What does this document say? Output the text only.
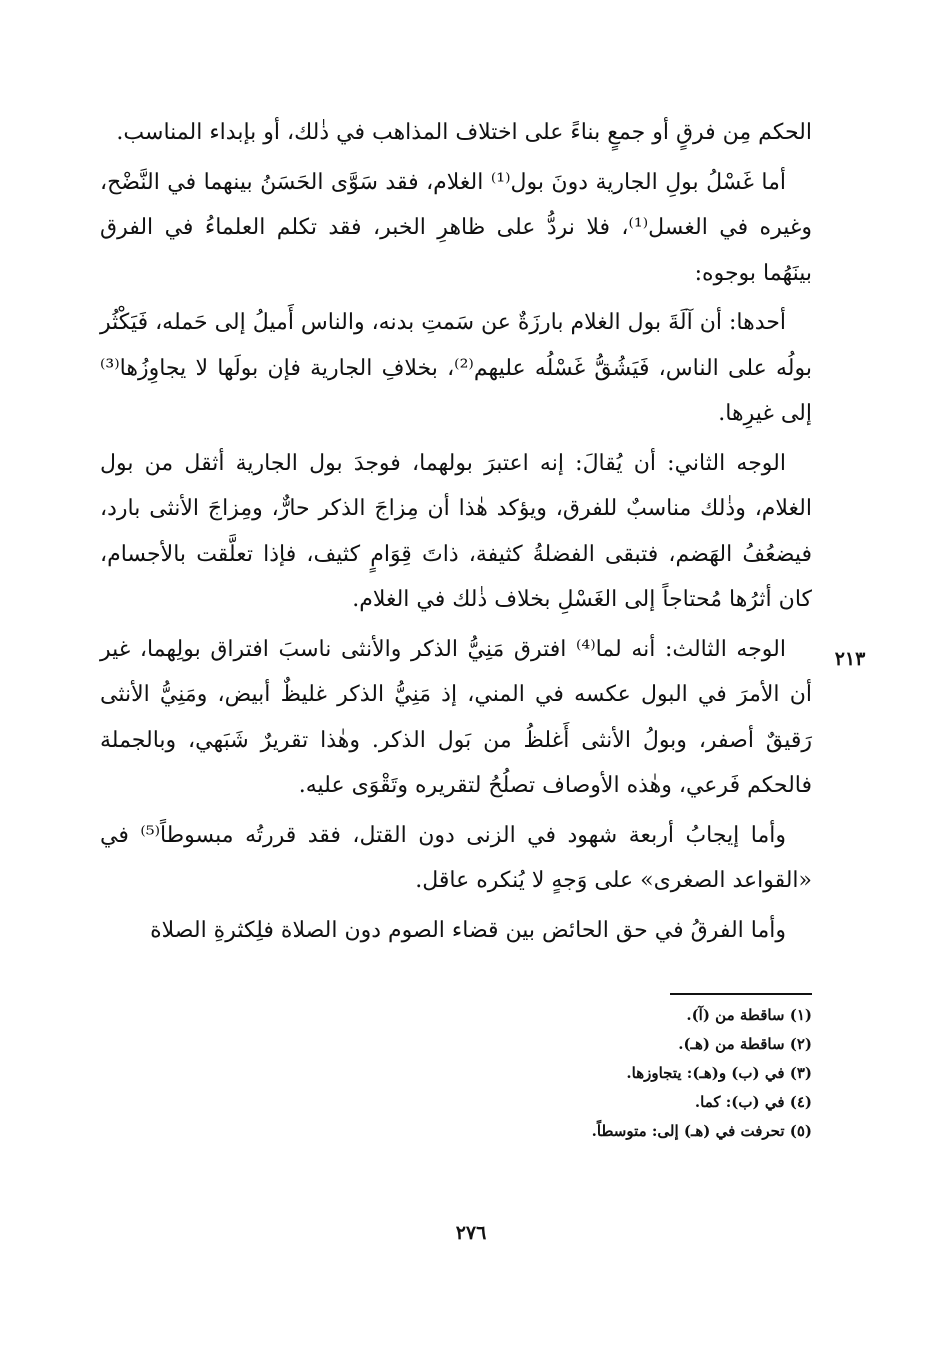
الحكم مِن فرقٍ أو جمعٍ بناءً على اختلاف المذاهب في ذٰلك، أو بإبداء المناسب.

أما غَسْلُ بولِ الجارية دونَ بول⁽¹⁾ الغلام، فقد سَوَّى الحَسَنُ بينهما في النَّضْح، وغيره في الغسل⁽¹⁾، فلا نردُّ على ظاهرِ الخبر، فقد تكلم العلماءُ في الفرق بينَهُما بوجوه:

أحدها: أن آلَةَ بول الغلام بارزَةٌ عن سَمتِ بدنه، والناس أَميلُ إلى حَمله، فَيَكْثُر بولُه على الناس، فَيَشُقُّ غَسْلُه عليهم⁽²⁾، بخلافِ الجارية فإن بولَها لا يجاوِزُها⁽³⁾ إلى غيرِها.

الوجه الثاني: أن يُقالَ: إنه اعتبرَ بولهما، فوجدَ بول الجارية أثقل من بول الغلام، وذٰلك مناسبٌ للفرق، ويؤكد هٰذا أن مِزاجَ الذكر حارٌّ، ومِزاجَ الأنثى بارد، فيضعُفُ الهَضم، فتبقى الفضلةُ كثيفة، ذاتَ قِوَامٍ كثيف، فإذا تعلَّقت بالأجسام، كان أثرُها مُحتاجاً إلى الغَسْلِ بخلاف ذٰلك في الغلام.

الوجه الثالث: أنه لما⁽⁴⁾ افترق مَنِيُّ الذكر والأنثى ناسبَ افتراق بولِهما، غير أن الأمرَ في البول عكسه في المني، إذ مَنِيُّ الذكر غليظٌ أبيض، ومَنِيُّ الأنثى رَقيقٌ أصفر، وبولُ الأنثى أَغلظُ من بَول الذكر. وهٰذا تقريرٌ شَبَهي، وبالجملة فالحكم فَرعي، وهٰذه الأوصاف تصلُحُ لتقريره وتَقْوَى عليه.

وأما إيجابُ أربعة شهود في الزنى دون القتل، فقد قررتُه مبسوطاً⁽⁵⁾ في «القواعد الصغرى» على وَجهٍ لا يُنكره عاقل.

وأما الفرقُ في حق الحائض بين قضاء الصوم دون الصلاة فلِكثرةِ الصلاة

٢١٣

(١) ساقطة من (آ).

(٢) ساقطة من (هـ).

(٣) في (ب) و(هـ): يتجاوزها.

(٤) في (ب): كما.

(٥) تحرفت في (هـ) إلى: متوسطاً.

٢٧٦
